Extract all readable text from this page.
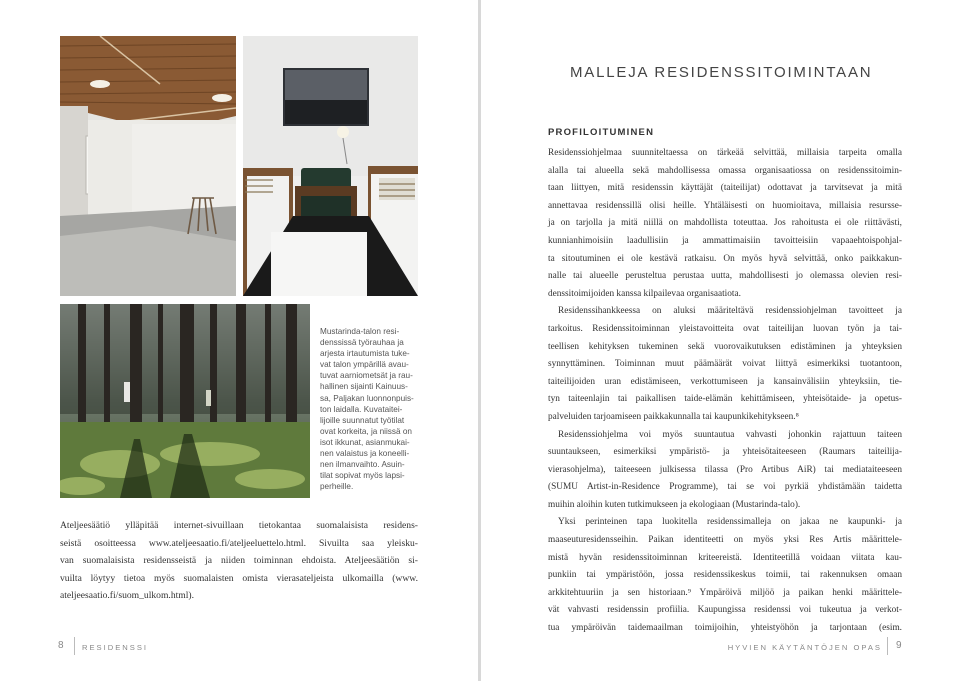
Mustarinda-talon resi-
denssissä työrauhaa ja
arjesta irtautumista tuke-
vat talon ympärillä avau-
tuvat aarniometsät ja rau-
hallinen sijainti Kainuus-
sa, Paljakan luonnonpuis-
ton laidalla. Kuvataitei-
lijoille suunnatut työtilat
ovat korkeita, ja niissä on
isot ikkunat, asianmukai-
nen valaistus ja koneelli-
nen ilmanvaihto. Asuin-
tilat sopivat myös lapsi-
perheille.
Ateljeesäätiö ylläpitää internet-sivuillaan tietokantaa suomalaisista residens-
seistä osoitteessa www.ateljeesaatio.fi/ateljeeluettelo.html. Sivuilta saa yleisku-
van suomalaisista residensseistä ja niiden toiminnan ehdoista. Ateljeesäätiön si-
vuilta löytyy tietoa myös suomalaisten omista vierasateljeista ulkomailla (www.
ateljeesaatio.fi/suom_ulkom.html).
8 RESIDENSSI
MALLEJA RESIDENSSITOIMINTAAN
PROFILOITUMINEN
Residenssiohjelmaa suunniteltaessa on tärkeää selvittää, millaisia tarpeita omalla
alalla tai alueella sekä mahdollisessa omassa organisaatiossa on residenssitoimin-
taan liittyen, mitä residenssin käyttäjät (taiteilijat) odottavat ja tarvitsevat ja mitä
annettavaa residenssillä olisi heille. Yhtäläisesti on huomioitava, millaisia resursse-
ja on tarjolla ja mitä niillä on mahdollista toteuttaa. Jos rahoitusta ei ole riittävästi,
kunnianhimoisiin laadullisiin ja ammattimaisiin tavoitteisiin vapaaehtoispohjal-
ta sitoutuminen ei ole kestävä ratkaisu. On myös hyvä selvittää, onko paikkakun-
nalle tai alueelle perusteltua perustaa uutta, mahdollisesti jo olemassa olevien resi-
denssitoimijoiden kanssa kilpailevaa organisaatiota.
Residenssihankkeessa on aluksi määriteltävä residenssiohjelman tavoitteet ja
tarkoitus. Residenssitoiminnan yleistavoitteita ovat taiteilijan luovan työn ja tai-
teellisen kehityksen tukeminen sekä vuorovaikutuksen edistäminen ja yhteyksien
synnyttäminen. Toiminnan muut päämäärät voivat liittyä esimerkiksi tuotantoon,
taiteilijoiden uran edistämiseen, verkottumiseen ja kansainvälisiin yhteyksiin, tie-
tyn taiteenlajin tai paikallisen taide-elämän kehittämiseen, yhteisötaide- ja opetus-
palveluiden tarjoamiseen paikkakunnalla tai kaupunkikehitykseen.⁸
Residenssiohjelma voi myös suuntautua vahvasti johonkin rajattuun taiteen
suuntaukseen, esimerkiksi ympäristö- ja yhteisötaiteeseen (Raumars taiteilija-
vierasohjelma), taiteeseen julkisessa tilassa (Pro Artibus AiR) tai mediataiteeseen
(SUMU Artist-in-Residence Programme), tai se voi pyrkiä yhdistämään taidetta
muihin aloihin kuten tutkimukseen ja ekologiaan (Mustarinda-talo).
Yksi perinteinen tapa luokitella residenssimalleja on jakaa ne kaupunki- ja
maaseuturesidensseihin. Paikan identiteetti on myös yksi Res Artis määrittele-
mistä hyvän residenssitoiminnan kriteereistä. Identiteetillä voidaan viitata kau-
punkiin tai ympäristöön, jossa residenssikeskus toimii, tai rakennuksen omaan
arkkitehtuuriin ja sen historiaan.⁹ Ympäröivä miljöö ja paikan henki määrittele-
vät vahvasti residenssin profiilia. Kaupungissa residenssi voi tukeutua ja verkot-
tua ympäröivän taidemaailman toimijoihin, yhteistyöhön ja tarjontaan (esim.
HYVIEN KÄYTÄNTÖJEN OPAS 9
